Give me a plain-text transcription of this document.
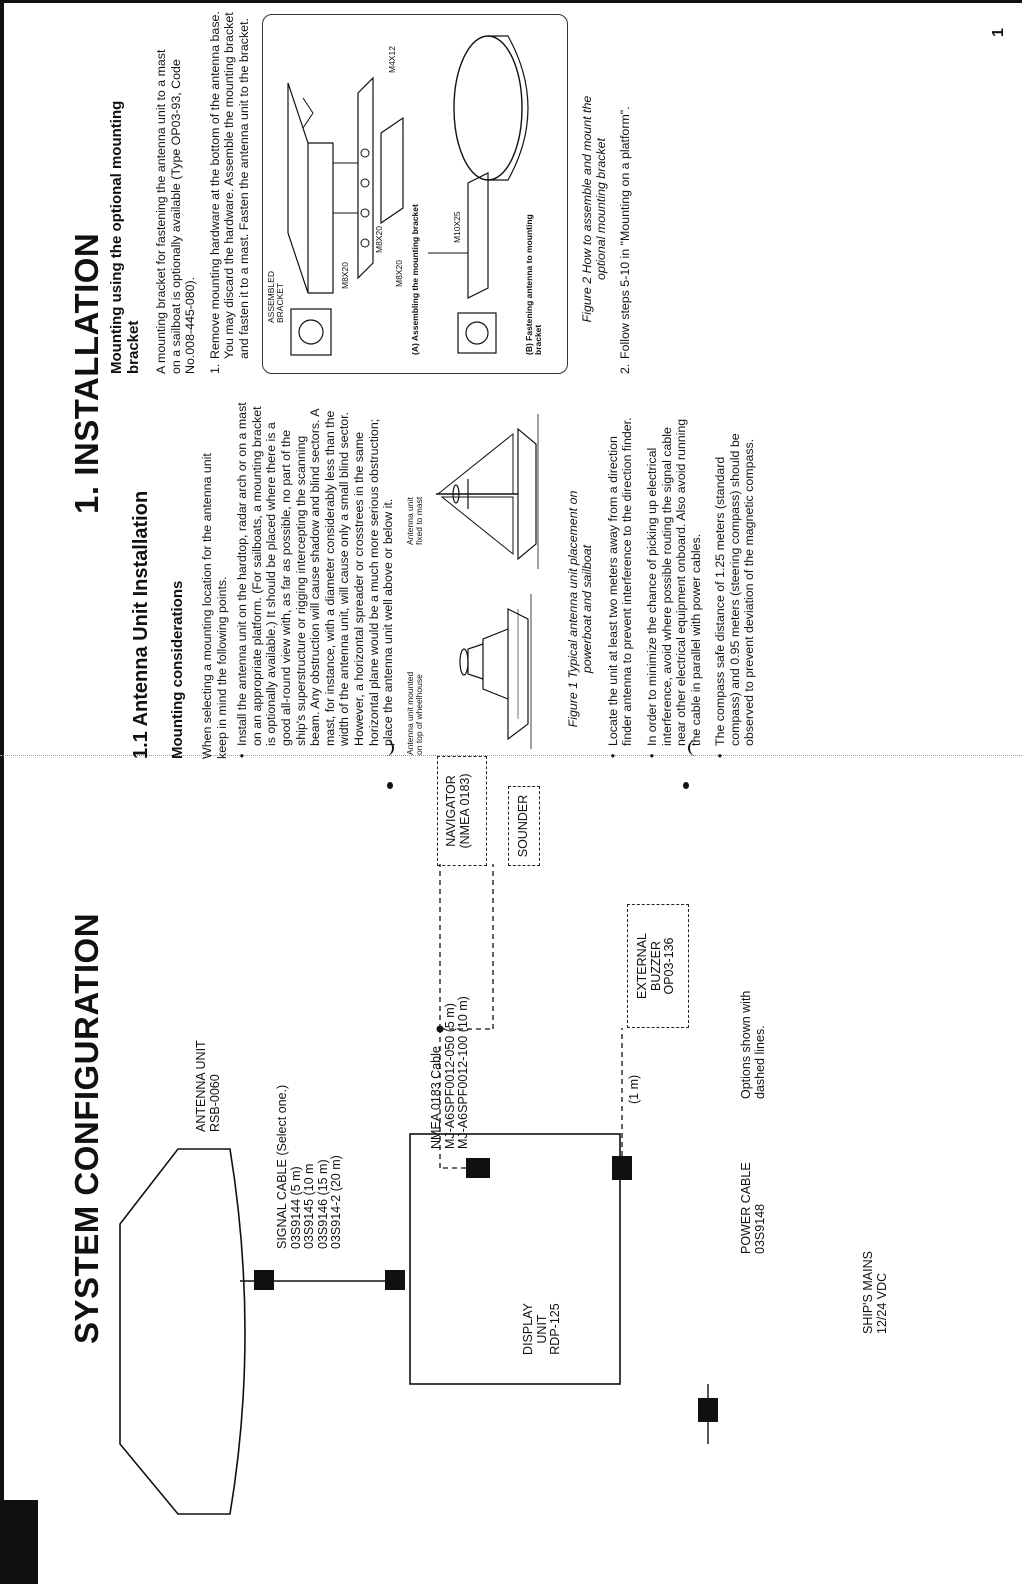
SYSTEM CONFIGURATION	ANTENNA UNIT RSB-0060	SIGNAL CABLE (Select one.) 03S9144 (5 m) 03S9145 (10 m 03S9146 (15 m) 03S914-2 (20 m)
DISPLAY UNIT RDP-125
NMEA 0183 Cable MJ-A6SPF0012-050 (5 m) MJ-A6SPF0012-100 (10 m)
NAVIGATOR (NMEA 0183)	SOUNDER
(1 m)
EXTERNAL BUZZER OP03-136
Options shown with dashed lines.
POWER CABLE 03S9148
SHIP'S MAINS 12/24 VDC
1. INSTALLATION
1
1.1 Antenna Unit Installation Mounting considerations When selecting a mounting location for the antenna unit keep in mind the following points. • Install the antenna unit on the hardtop, radar arch or on a mast on an appropriate platform. (For sailboats, a mounting bracket is optionally available.) It should be placed where there is a good all-round view with, as far as possible, no part of the ship's superstructure or rigging intercepting the scanning beam. Any obstruction will cause shadow and blind sectors. A mast, for instance, with a diameter considerably less than the width of the antenna unit, will cause only a small blind sector. However, a horizontal spreader or crosstrees in the same horizontal plane would be a much more serious obstruction; place the antenna unit well above or below it. Antenna unit mounted on top of wheelhouse
Antenna unit fixed to mast	Figure 1 Typical antenna unit placement on powerboat and sailboat • Locate the unit at least two meters away from a direction finder antenna to prevent interference to the direction finder. • In order to minimize the chance of picking up electrical interference, avoid where possible routing the signal cable near other electrical equipment onboard. Also avoid running the cable in parallel with power cables. • The compass safe distance of 1.25 meters (standard compass) and 0.95 meters (steering compass) should be observed to prevent deviation of the magnetic compass.
Mounting using the optional mounting bracket A mounting bracket for fastening the antenna unit to a mast on a sailboat is optionally available (Type OP03-93, Code No.008-445-080). 1.
Remove mounting hardware at the bottom of the antenna base. You may discard the hardware. Assemble the mounting bracket and fasten it to a mast. Fasten the antenna unit to the bracket. ASSEMBLED BRACKET
M8X20
M8X20
M8X20
M4X12
(A) Assembling the mounting bracket	M10X25	(B) Fastening antenna to mounting bracket
Figure 2 How to assemble and mount the optional mounting bracket
2.
Follow steps 5-10 in "Mounting on a platform".
